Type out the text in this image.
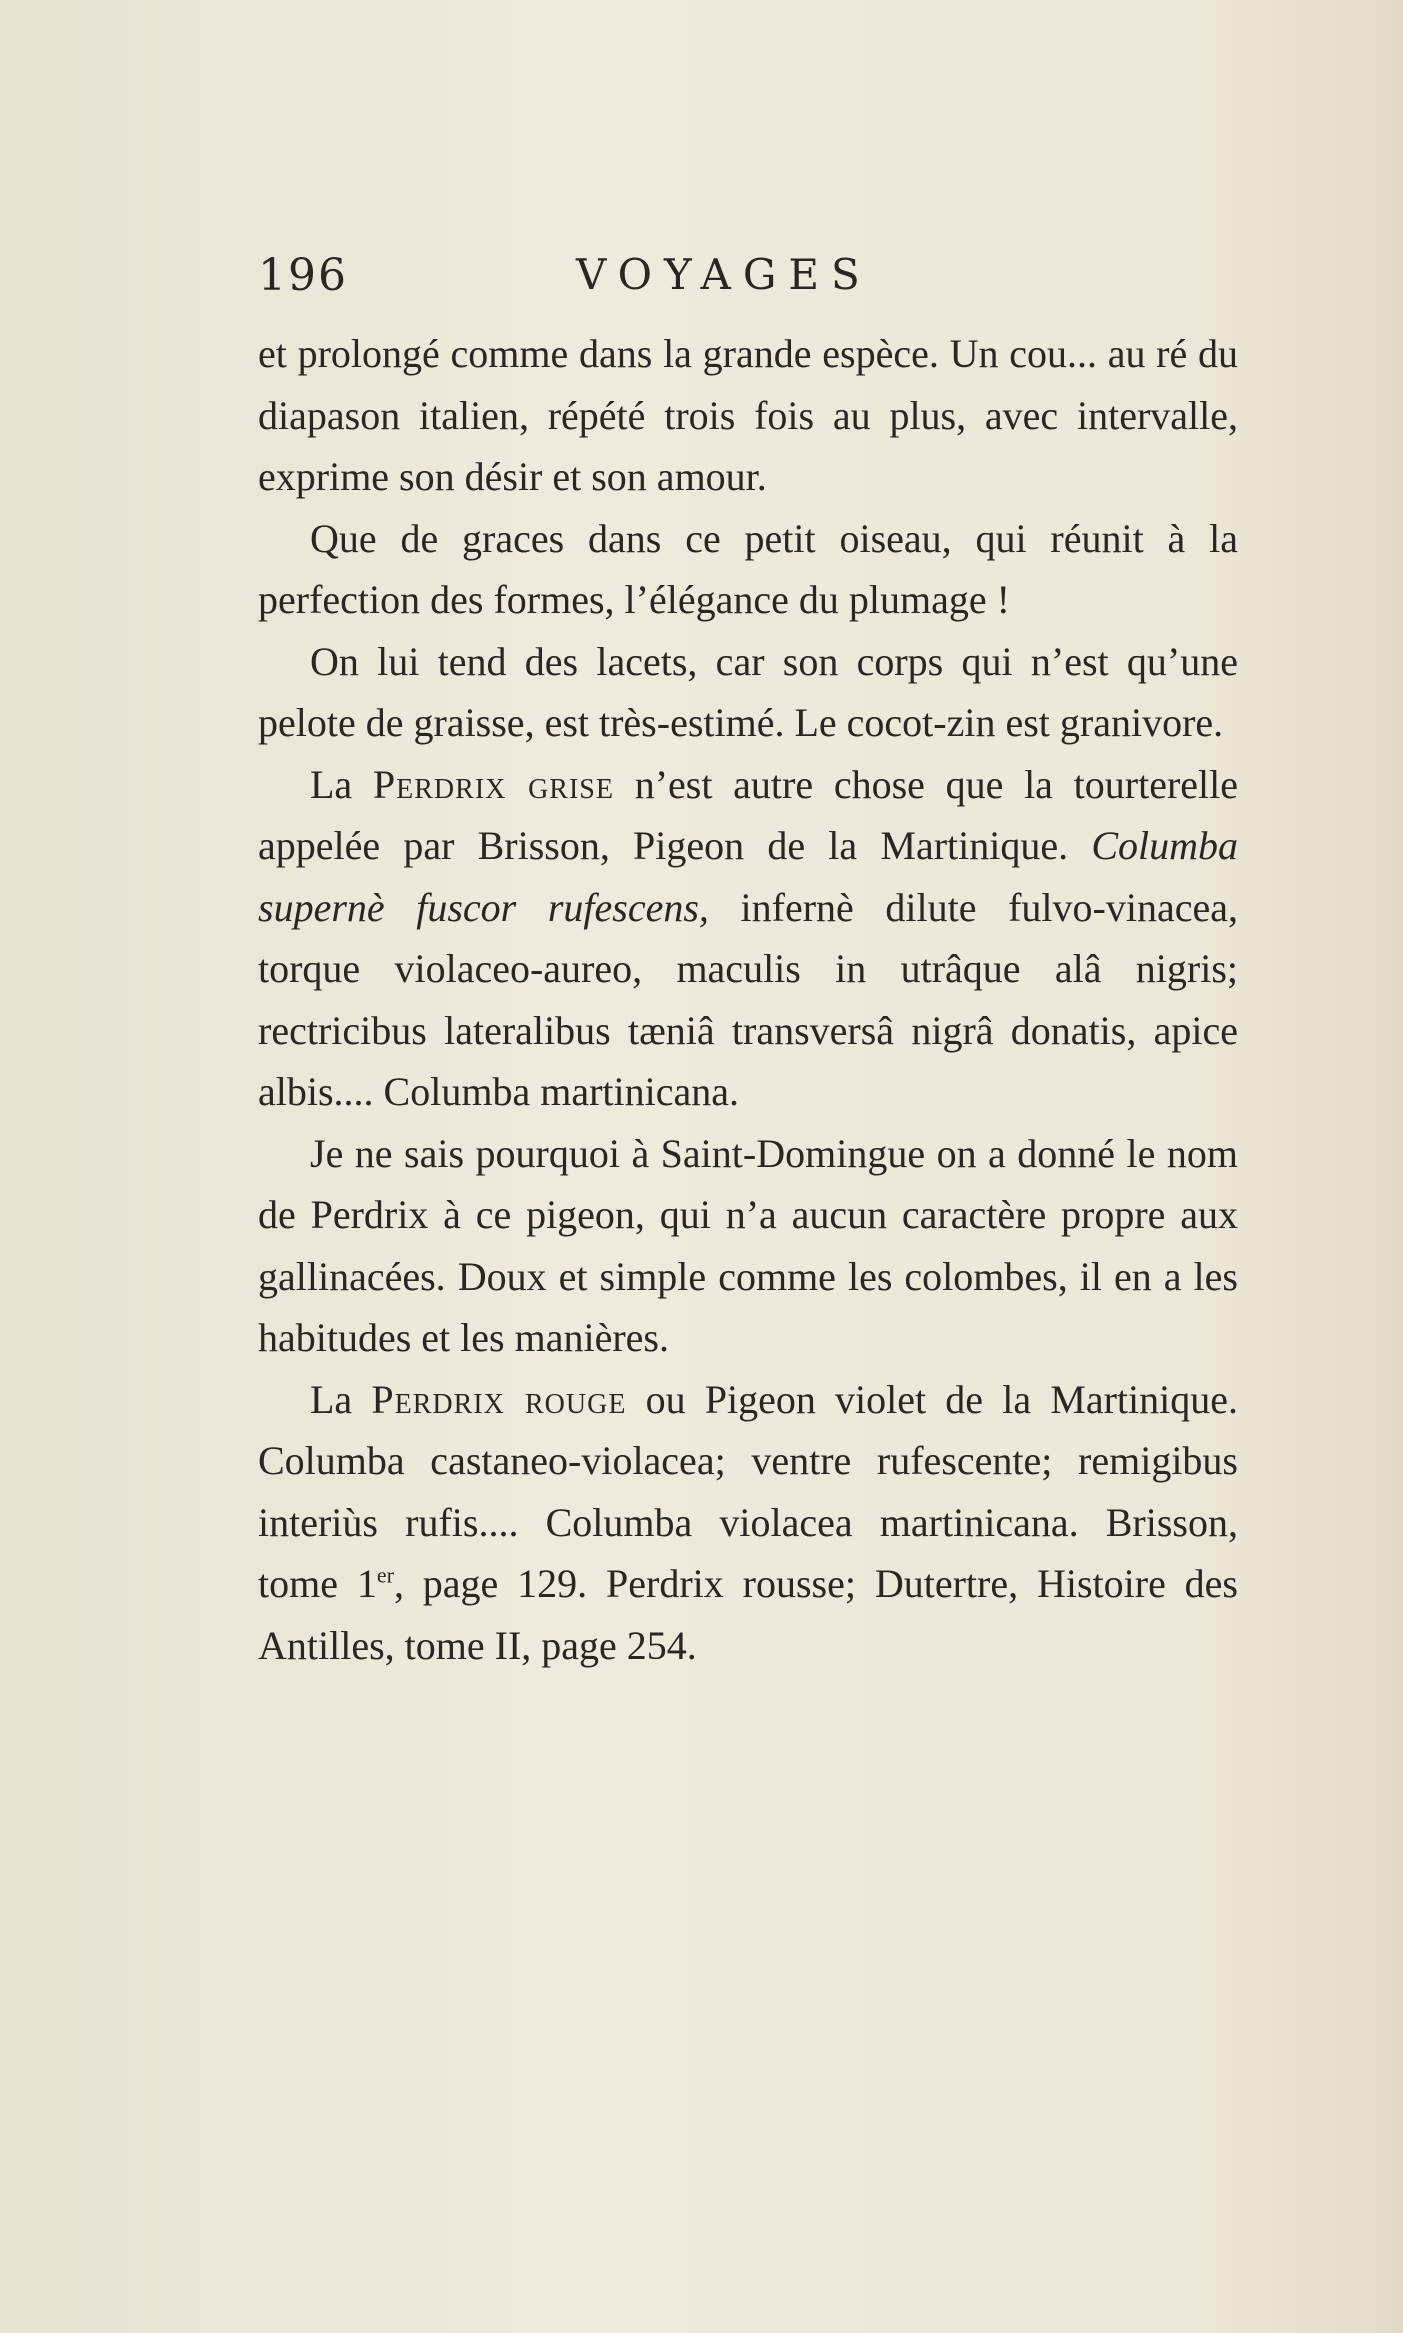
196	VOYAGES

et prolongé comme dans la grande espèce. Un cou... au ré du diapason italien, répété trois fois au plus, avec intervalle, exprime son désir et son amour.

Que de graces dans ce petit oiseau, qui réunit à la perfection des formes, l’élégance du plumage !

On lui tend des lacets, car son corps qui n’est qu’une pelote de graisse, est très-estimé. Le cocot-zin est granivore.

La Perdrix grise n’est autre chose que la tourterelle appelée par Brisson, Pigeon de la Martinique. Columba supernè fuscor rufescens, infernè dilute fulvo-vinacea, torque violaceo-aureo, maculis in utrâque alâ nigris; rectricibus lateralibus tæniâ transversâ nigrâ donatis, apice albis.... Columba martinicana.

Je ne sais pourquoi à Saint-Domingue on a donné le nom de Perdrix à ce pigeon, qui n’a aucun caractère propre aux gallinacées. Doux et simple comme les colombes, il en a les habitudes et les manières.

La Perdrix rouge ou Pigeon violet de la Martinique. Columba castaneo-violacea; ventre rufescente; remigibus interiùs rufis.... Columba violacea martinicana. Brisson, tome 1er, page 129. Perdrix rousse; Dutertre, Histoire des Antilles, tome II, page 254.
